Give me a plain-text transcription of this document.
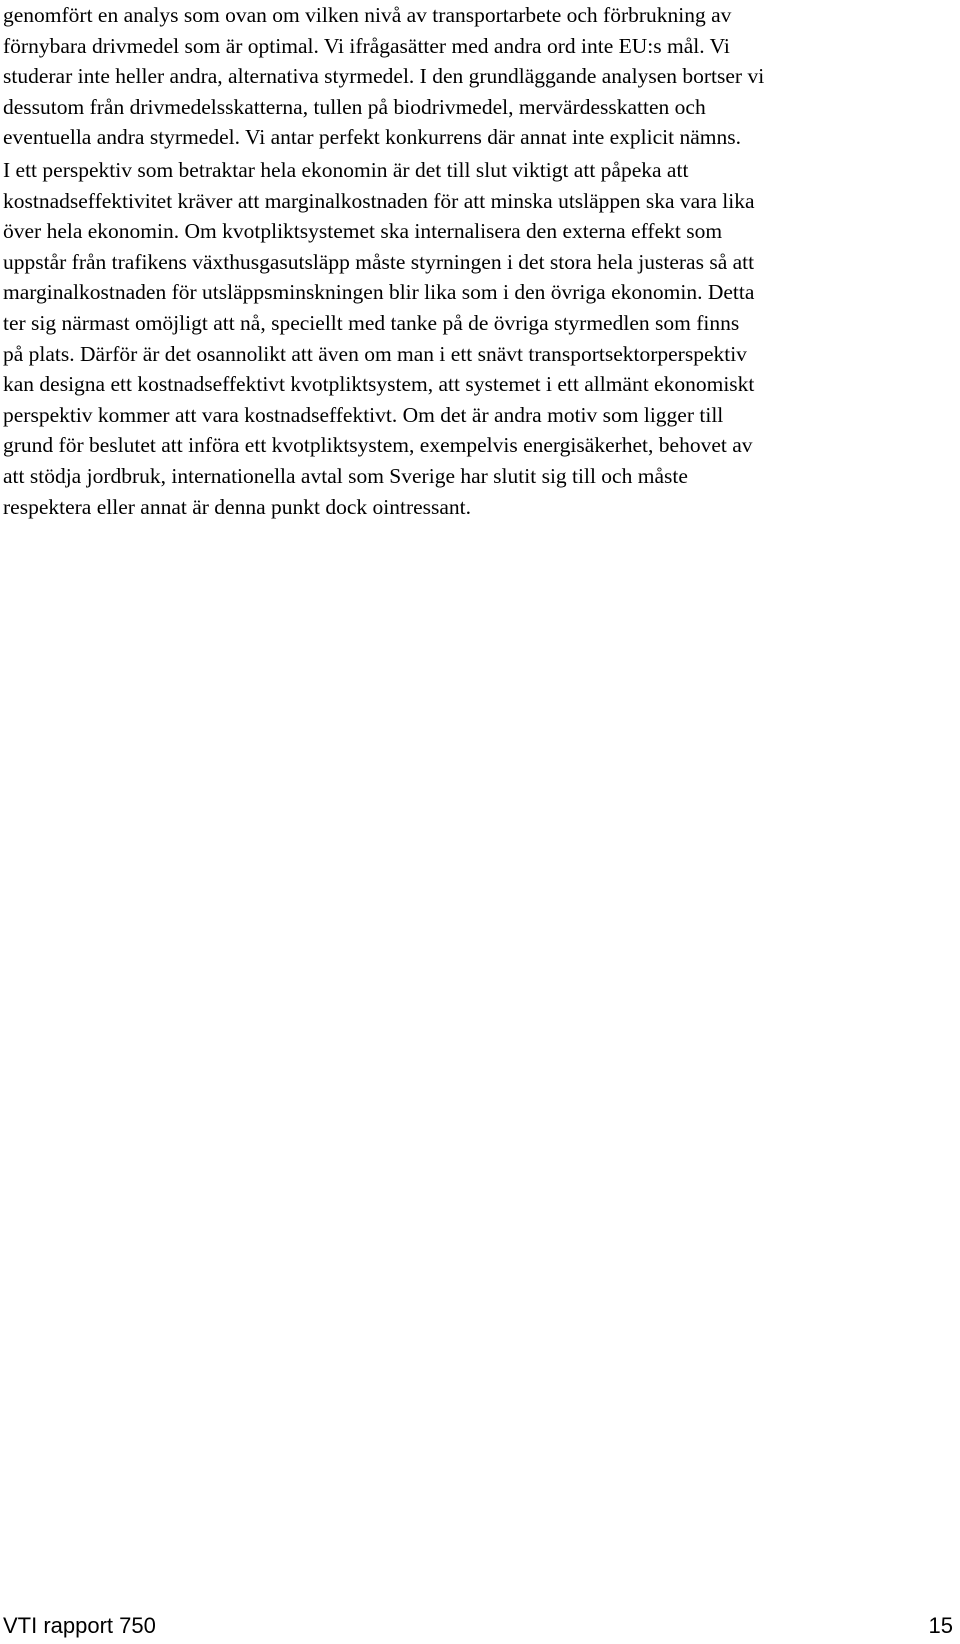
genomfört en analys som ovan om vilken nivå av transportarbete och förbrukning av
förnybara drivmedel som är optimal. Vi ifrågasätter med andra ord inte EU:s mål. Vi
studerar inte heller andra, alternativa styrmedel. I den grundläggande analysen bortser vi
dessutom från drivmedelsskatterna, tullen på biodrivmedel, mervärdesskatten och
eventuella andra styrmedel. Vi antar perfekt konkurrens där annat inte explicit nämns.

I ett perspektiv som betraktar hela ekonomin är det till slut viktigt att påpeka att
kostnadseffektivitet kräver att marginalkostnaden för att minska utsläppen ska vara lika
över hela ekonomin. Om kvotpliktsystemet ska internalisera den externa effekt som
uppstår från trafikens växthusgasutsläpp måste styrningen i det stora hela justeras så att
marginalkostnaden för utsläppsminskningen blir lika som i den övriga ekonomin. Detta
ter sig närmast omöjligt att nå, speciellt med tanke på de övriga styrmedlen som finns
på plats. Därför är det osannolikt att även om man i ett snävt transportsektorperspektiv
kan designa ett kostnadseffektivt kvotpliktsystem, att systemet i ett allmänt ekonomiskt
perspektiv kommer att vara kostnadseffektivt. Om det är andra motiv som ligger till
grund för beslutet att införa ett kvotpliktsystem, exempelvis energisäkerhet, behovet av
att stödja jordbruk, internationella avtal som Sverige har slutit sig till och måste
respektera eller annat är denna punkt dock ointressant.

VTI rapport 750	15
